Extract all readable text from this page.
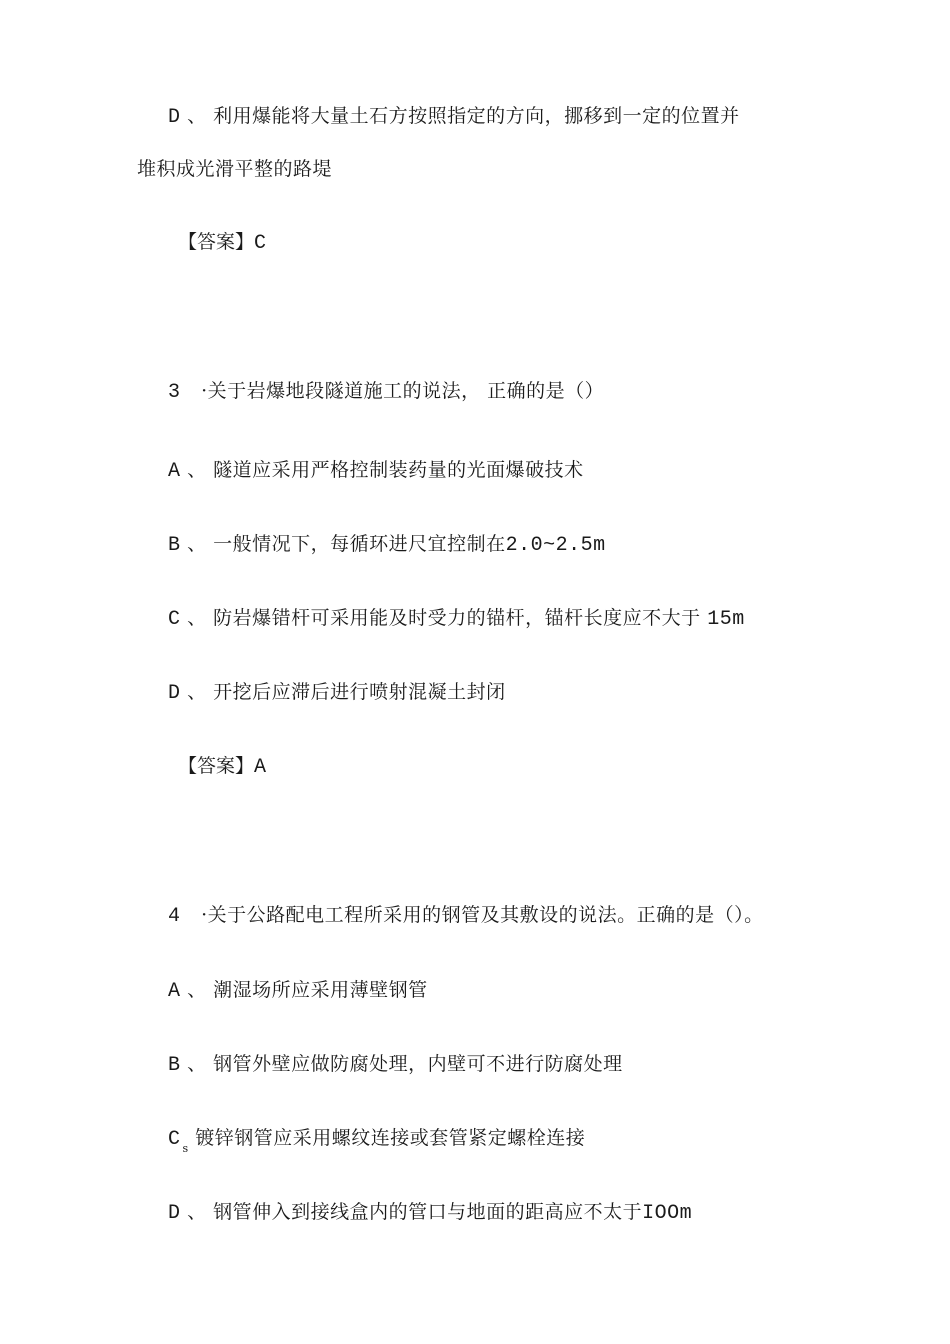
D 、 利用爆能将大量土石方按照指定的方向，挪移到一定的位置并
堆积成光滑平整的路堤
【答案】C
3 ·关于岩爆地段隧道施工的说法， 正确的是（）
A 、 隧道应采用严格控制装药量的光面爆破技术
B 、 一般情况下，每循环进尺宜控制在2.0~2.5m
C 、 防岩爆错杆可采用能及时受力的锚杆，锚杆长度应不大于 15m
D 、 开挖后应滞后进行喷射混凝土封闭
【答案】A
4 ·关于公路配电工程所采用的钢管及其敷设的说法。正确的是（）。
A 、 潮湿场所应采用薄壁钢管
B 、 钢管外壁应做防腐处理，内壁可不进行防腐处理
C $_s$ 镀锌钢管应采用螺纹连接或套管紧定螺栓连接
D 、 钢管伸入到接线盒内的管口与地面的距高应不太于IOOm
